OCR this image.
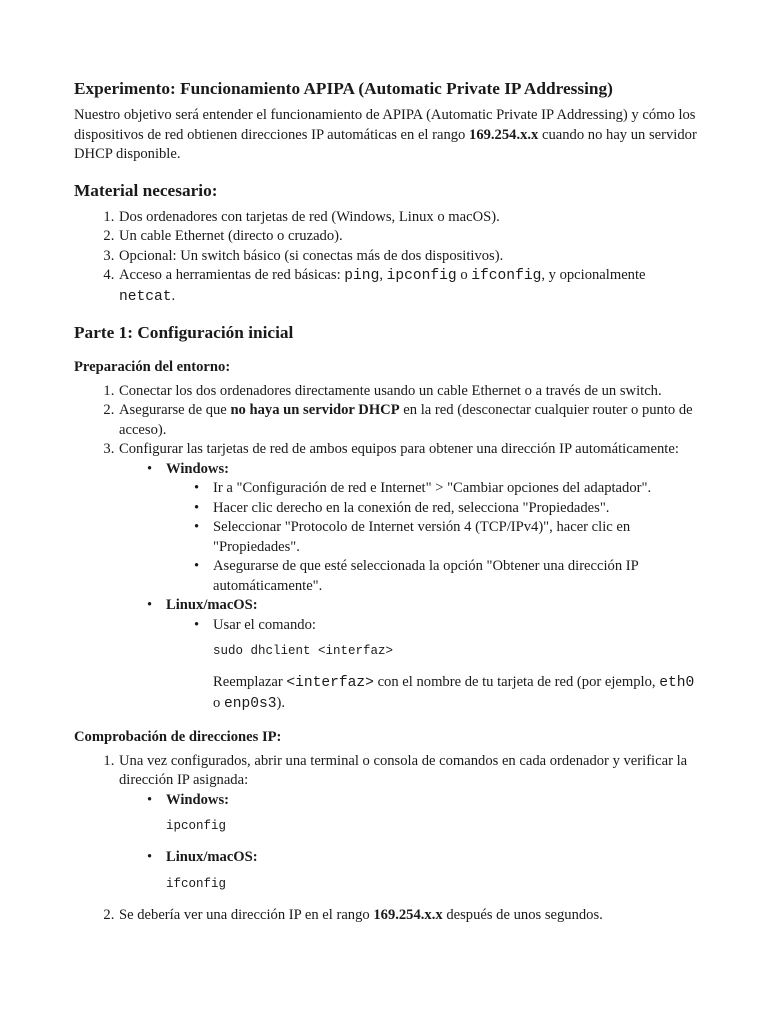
Experimento: Funcionamiento APIPA (Automatic Private IP Addressing)

Nuestro objetivo será entender el funcionamiento de APIPA (Automatic Private IP Addressing) y cómo los dispositivos de red obtienen direcciones IP automáticas en el rango 169.254.x.x cuando no hay un servidor DHCP disponible.

Material necesario:
1. Dos ordenadores con tarjetas de red (Windows, Linux o macOS).
2. Un cable Ethernet (directo o cruzado).
3. Opcional: Un switch básico (si conectas más de dos dispositivos).
4. Acceso a herramientas de red básicas: ping, ipconfig o ifconfig, y opcionalmente netcat.
Parte 1: Configuración inicial
Preparación del entorno:
1. Conectar los dos ordenadores directamente usando un cable Ethernet o a través de un switch.
2. Asegurarse de que no haya un servidor DHCP en la red (desconectar cualquier router o punto de acceso).
3. Configurar las tarjetas de red de ambos equipos para obtener una dirección IP automáticamente:
• Windows:
• Ir a "Configuración de red e Internet" > "Cambiar opciones del adaptador".
• Hacer clic derecho en la conexión de red, selecciona "Propiedades".
• Seleccionar "Protocolo de Internet versión 4 (TCP/IPv4)", hacer clic en "Propiedades".
• Asegurarse de que esté seleccionada la opción "Obtener una dirección IP automáticamente".
• Linux/macOS:
• Usar el comando:
sudo dhclient <interfaz>

Reemplazar <interfaz> con el nombre de tu tarjeta de red (por ejemplo, eth0 o enp0s3).

Comprobación de direcciones IP:
1. Una vez configurados, abrir una terminal o consola de comandos en cada ordenador y verificar la dirección IP asignada:
• Windows:
ipconfig
• Linux/macOS:
ifconfig
2. Se debería ver una dirección IP en el rango 169.254.x.x después de unos segundos.
